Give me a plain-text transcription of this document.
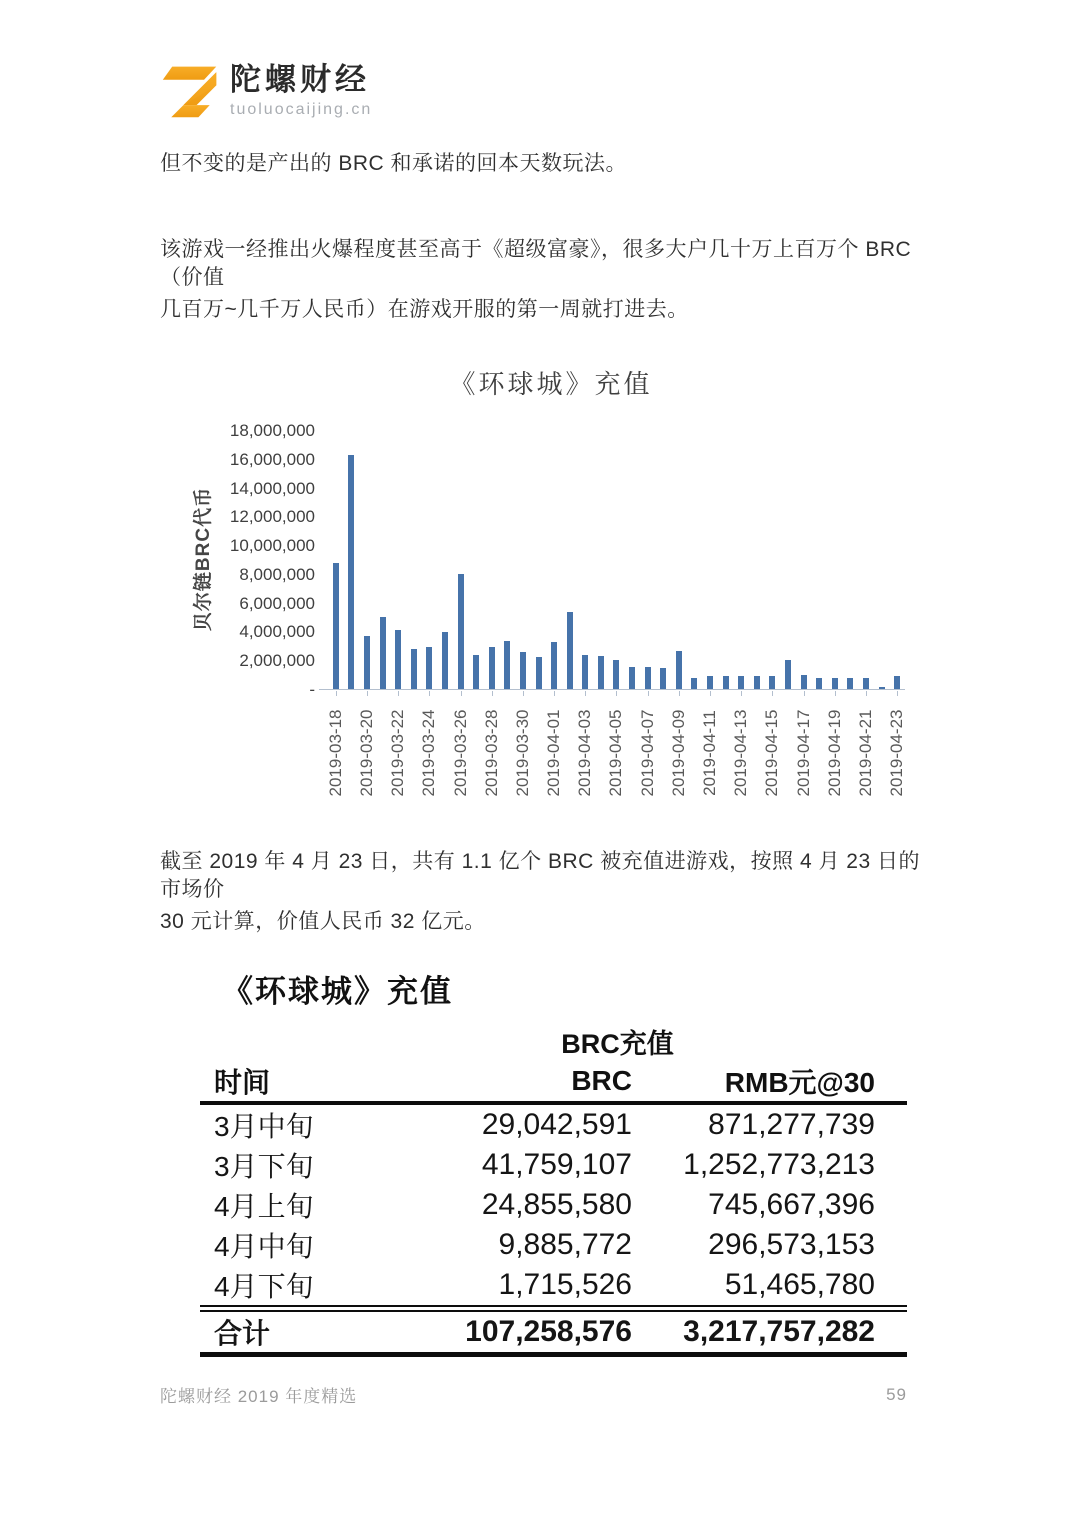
陀螺财经
tuoluocaijing.cn
但不变的是产出的 BRC 和承诺的回本天数玩法。
该游戏一经推出火爆程度甚至高于《超级富豪》，很多大户几十万上百万个 BRC（价值
几百万~几千万人民币）在游戏开服的第一周就打进去。
《环球城》充值
贝尔链BRC代币
18,000,000
16,000,000
14,000,000
12,000,000
10,000,000
8,000,000
6,000,000
4,000,000
2,000,000
-
2019-03-18 2019-03-20 2019-03-22 2019-03-24 2019-03-26 2019-03-28 2019-03-30 2019-04-01 2019-04-03 2019-04-05 2019-04-07 2019-04-09 2019-04-11 2019-04-13 2019-04-15 2019-04-17 2019-04-19 2019-04-21 2019-04-23
截至 2019 年 4 月 23 日，共有 1.1 亿个 BRC 被充值进游戏，按照 4 月 23 日的市场价
30 元计算，价值人民币 32 亿元。
《环球城》充值
	BRC充值	
时间	BRC	RMB元@30
3月中旬	29,042,591	871,277,739
3月下旬	41,759,107	1,252,773,213
4月上旬	24,855,580	745,667,396
4月中旬	9,885,772	296,573,153
4月下旬	1,715,526	51,465,780
合计	107,258,576	3,217,757,282
陀螺财经 2019 年度精选	59
